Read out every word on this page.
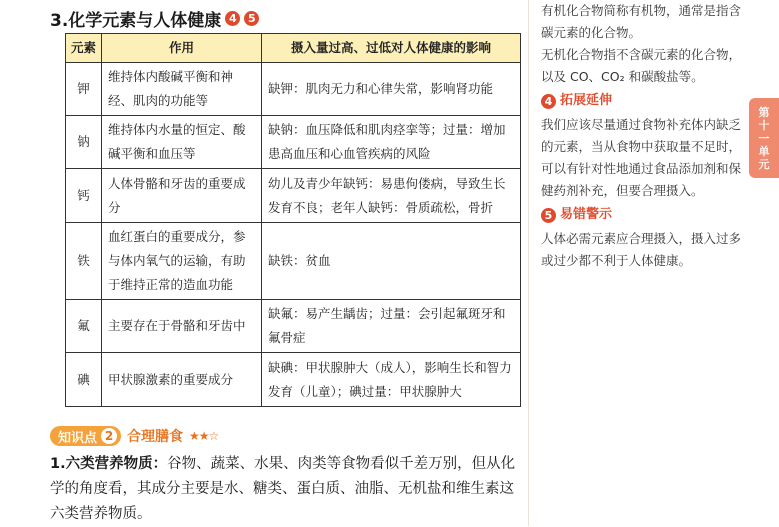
3.化学元素与人体健康 4	5
元素	作用	摄入量过高、过低对人体健康的影响
钾	维持体内酸碱平衡和神经、肌肉的功能等	缺钾：肌肉无力和心律失常，影响肾功能
钠	维持体内水量的恒定、酸碱平衡和血压等	缺钠：血压降低和肌肉痉挛等；过量：增加患高血压和心血管疾病的风险
钙	人体骨骼和牙齿的重要成分	幼儿及青少年缺钙：易患佝偻病，导致生长发育不良；老年人缺钙：骨质疏松，骨折
铁	血红蛋白的重要成分，参与体内氧气的运输，有助于维持正常的造血功能	缺铁：贫血
氟	主要存在于骨骼和牙齿中	缺氟：易产生龋齿；过量：会引起氟斑牙和氟骨症
碘	甲状腺激素的重要成分	缺碘：甲状腺肿大（成人），影响生长和智力发育（儿童）；碘过量：甲状腺肿大
知识点 2 合理膳食 ★★☆
1.六类营养物质：谷物、蔬菜、水果、肉类等食物看似千差万别，但从化学的角度看，其成分主要是水、糖类、蛋白质、油脂、无机盐和维生素这六类营养物质。

有机化合物简称有机物，通常是指含碳元素的化合物。

无机化合物指不含碳元素的化合物，以及 CO、CO₂ 和碳酸盐等。

4 拓展延伸

我们应该尽量通过食物补充体内缺乏的元素，当从食物中获取量不足时，可以有针对性地通过食品添加剂和保健药剂补充，但要合理摄入。

5 易错警示

人体必需元素应合理摄入，摄入过多或过少都不利于人体健康。

第
十
一
单
元
